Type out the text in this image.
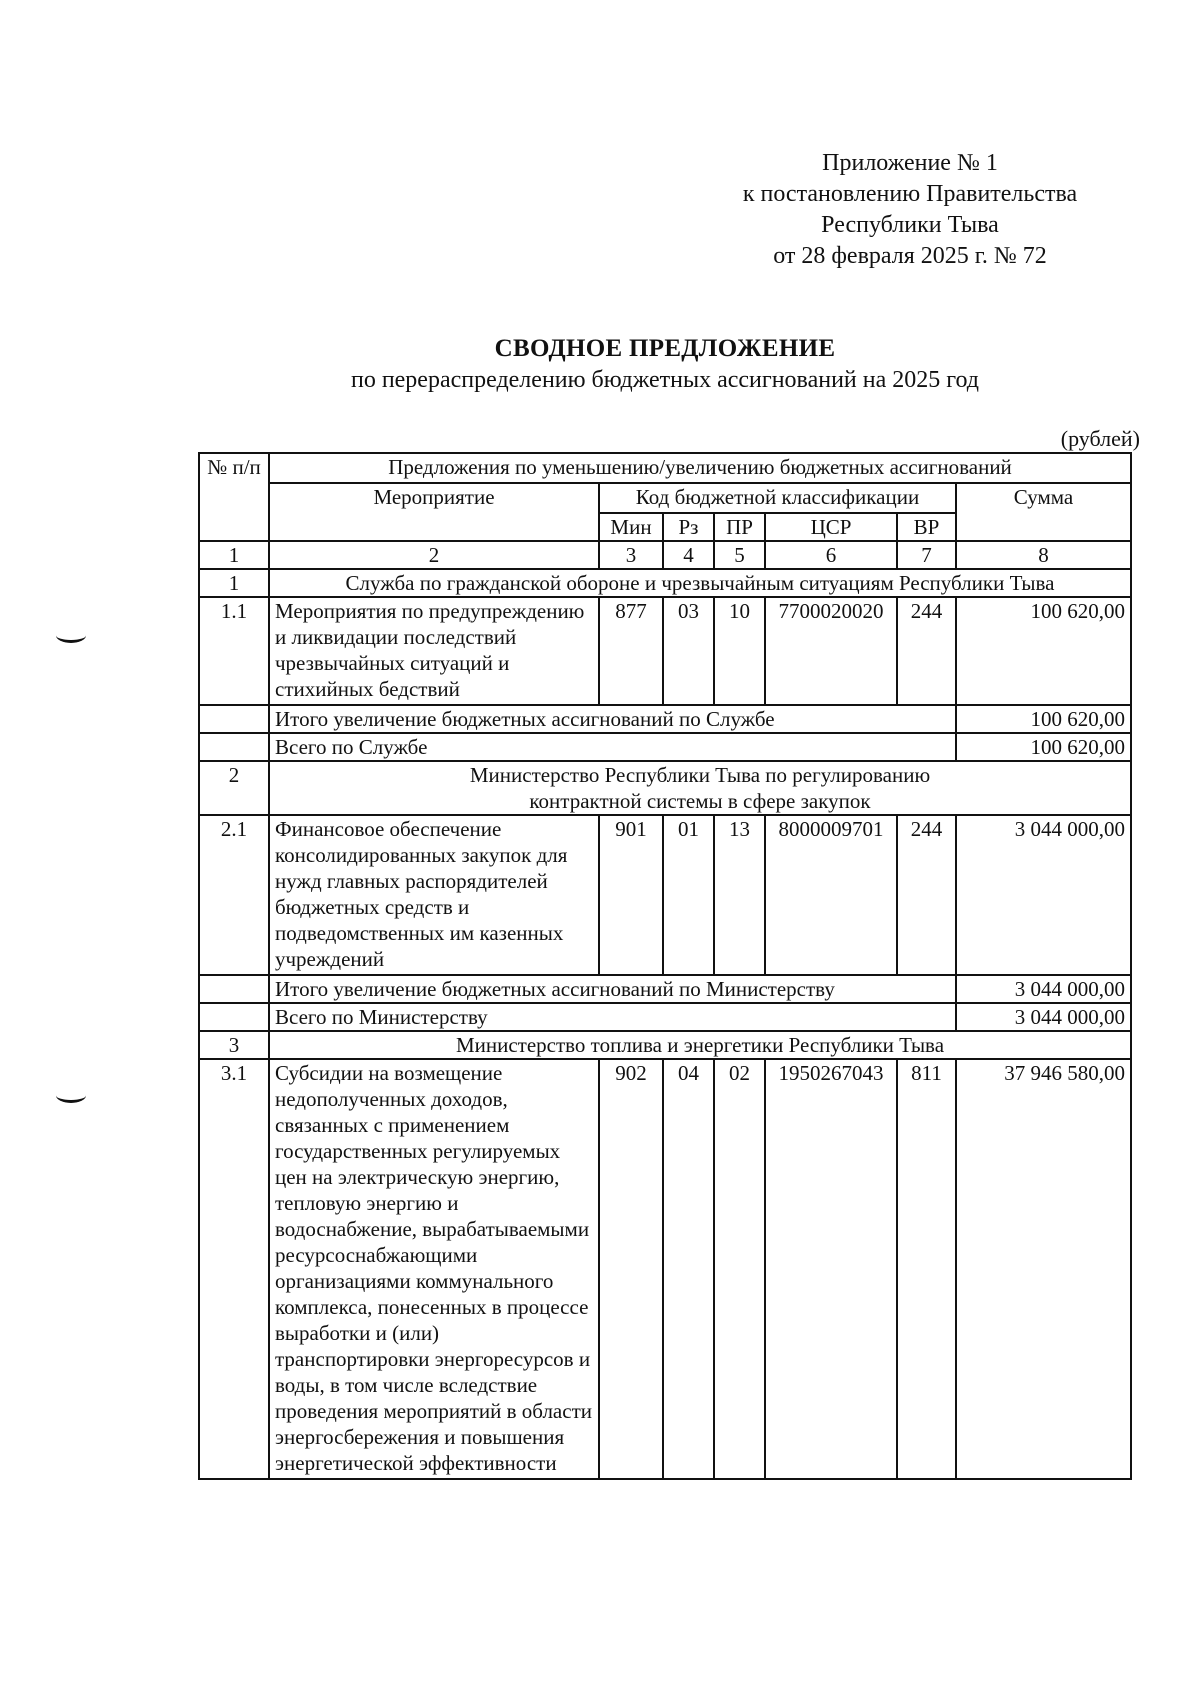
Приложение № 1
к постановлению Правительства
Республики Тыва
от 28 февраля 2025 г. № 72
СВОДНОЕ ПРЕДЛОЖЕНИЕ
по перераспределению бюджетных ассигнований на 2025 год
(рублей)
№ п/п	Предложения по уменьшению/увеличению бюджетных ассигнований						
	Мероприятие	Код бюджетной классификации					Сумма
		Мин	Рз	ПР	ЦСР	ВР	
1	2	3	4	5	6	7	8
1	Служба по гражданской обороне и чрезвычайным ситуациям Республики Тыва						
1.1	Мероприятия по предупреждению и ликвидации последствий чрезвычайных ситуаций и стихийных бедствий	877	03	10	7700020020	244	100 620,00
	Итого увеличение бюджетных ассигнований по Службе						100 620,00
	Всего по Службе						100 620,00
2	Министерство Республики Тыва по регулированию контрактной системы в сфере закупок						
2.1	Финансовое обеспечение консолидированных закупок для нужд главных распорядителей бюджетных средств и подведомственных им казенных учреждений	901	01	13	8000009701	244	3 044 000,00
	Итого увеличение бюджетных ассигнований по Министерству						3 044 000,00
	Всего по Министерству						3 044 000,00
3	Министерство топлива и энергетики Республики Тыва						
3.1	Субсидии на возмещение недополученных доходов, связанных с применением государственных регулируемых цен на электрическую энергию, тепловую энергию и водоснабжение, вырабатываемыми ресурсоснабжающими организациями коммунального комплекса, понесенных в процессе выработки и (или) транспортировки энергоресурсов и воды, в том числе вследствие проведения мероприятий в области энергосбережения и повышения энергетической эффективности	902	04	02	1950267043	811	37 946 580,00
